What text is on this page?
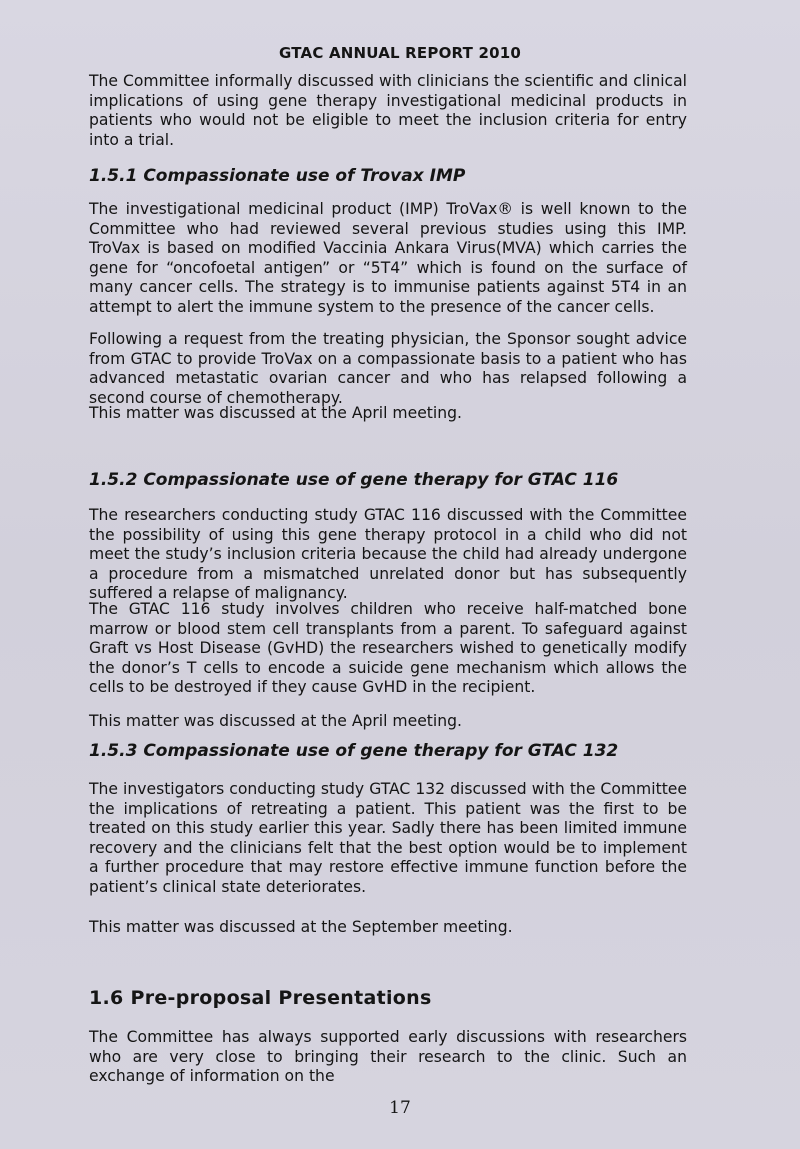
GTAC ANNUAL REPORT 2010

The Committee informally discussed with clinicians the scientific and clinical implications of using gene therapy investigational medicinal products in patients who would not be eligible to meet the inclusion criteria for entry into a trial.

1.5.1 Compassionate use of Trovax IMP

The investigational medicinal product (IMP) TroVax® is well known to the Committee who had reviewed several previous studies using this IMP. TroVax is based on modified Vaccinia Ankara Virus(MVA) which carries the gene for “oncofoetal antigen” or “5T4” which is found on the surface of many cancer cells. The strategy is to immunise patients against 5T4 in an attempt to alert the immune system to the presence of the cancer cells.

Following a request from the treating physician, the Sponsor sought advice from GTAC to provide TroVax on a compassionate basis to a patient who has advanced metastatic ovarian cancer and who has relapsed following a second course of chemotherapy.

This matter was discussed at the April meeting.

1.5.2 Compassionate use of gene therapy for GTAC 116

The researchers conducting study GTAC 116 discussed with the Committee the possibility of using this gene therapy protocol in a child who did not meet the study’s inclusion criteria because the child had already undergone a procedure from a mismatched unrelated donor but has subsequently suffered a relapse of malignancy.

The GTAC 116 study involves children who receive half-matched bone marrow or blood stem cell transplants from a parent. To safeguard against Graft vs Host Disease (GvHD) the researchers wished to genetically modify the donor’s T cells to encode a suicide gene mechanism which allows the cells to be destroyed if they cause GvHD in the recipient.

This matter was discussed at the April meeting.

1.5.3 Compassionate use of gene therapy for GTAC 132

The investigators conducting study GTAC 132 discussed with the Committee the implications of retreating a patient. This patient was the first to be treated on this study earlier this year. Sadly there has been limited immune recovery and the clinicians felt that the best option would be to implement a further procedure that may restore effective immune function before the patient’s clinical state deteriorates.

This matter was discussed at the September meeting.

1.6 Pre-proposal Presentations

The Committee has always supported early discussions with researchers who are very close to bringing their research to the clinic. Such an exchange of information on the

17
